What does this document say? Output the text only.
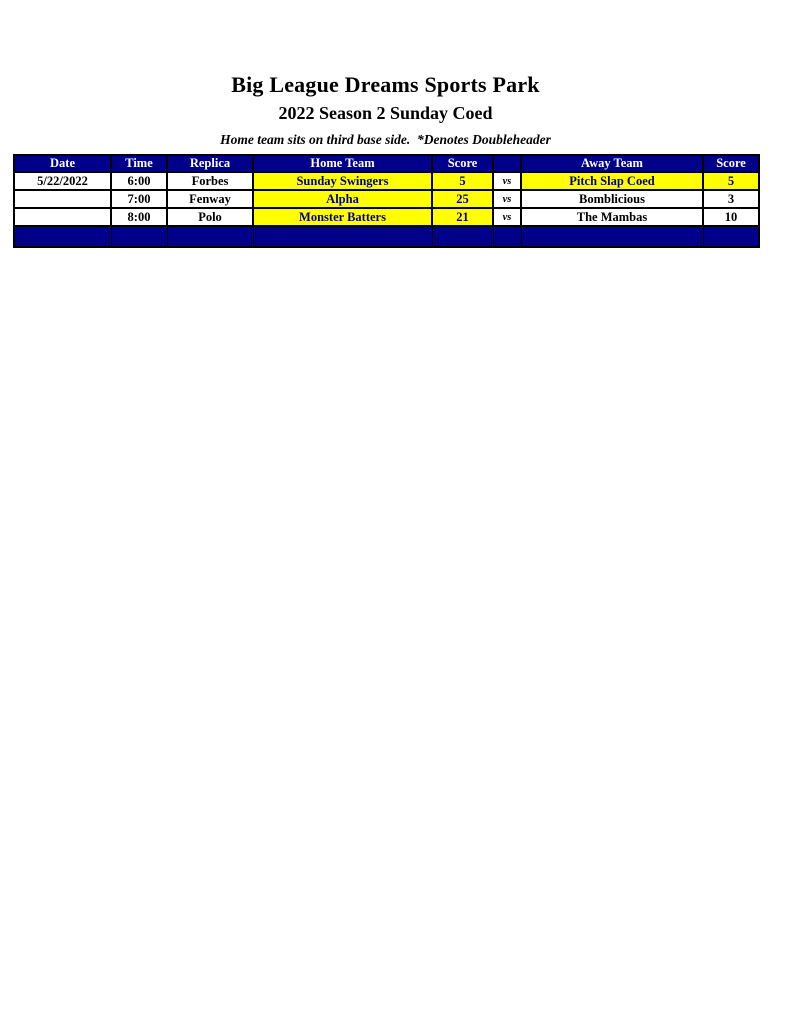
Big League Dreams Sports Park
2022 Season 2 Sunday Coed
Home team sits on third base side.  *Denotes Doubleheader
Date	Time	Replica	Home Team	Score		Away Team	Score
5/22/2022	6:00	Forbes	Sunday Swingers	5	vs	Pitch Slap Coed	5
	7:00	Fenway	Alpha	25	vs	Bomblicious	3
	8:00	Polo	Monster Batters	21	vs	The Mambas	10
